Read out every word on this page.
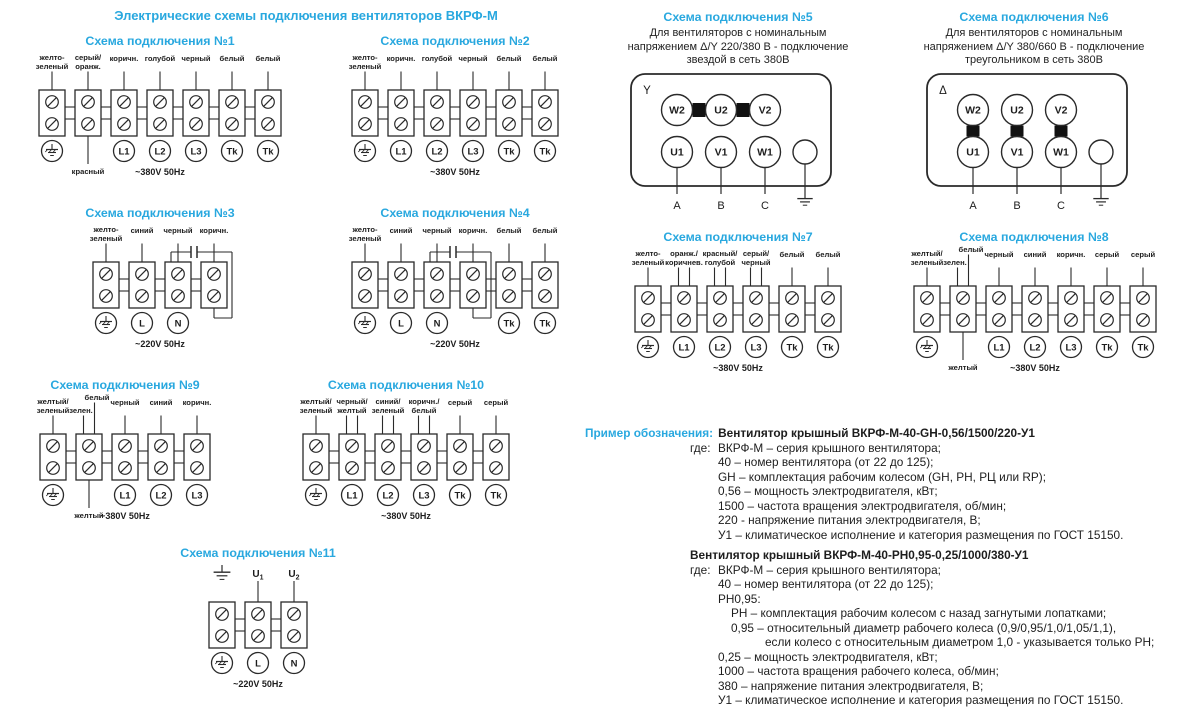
Электрические схемы подключения вентиляторов ВКРФ-М
Схема подключения №1
желто-
зеленый
серый/
оранж.
красный
коричн.
L1
голубой
L2
черный
L3
белый
Tk
белый
Tk
~380V 50Hz
Схема подключения №2
желто-
зеленый
коричн.
L1
голубой
L2
черный
L3
белый
Tk
белый
Tk
~380V 50Hz
Схема подключения №3
желто-
зеленый
синий
L
черный
N
коричн.
~220V 50Hz
Схема подключения №4
желто-
зеленый
синий
L
черный
N
коричн. белый
Tk
белый
Tk
~220V 50Hz
Схема подключения №5
Для вентиляторов с номинальным
напряжением Δ/Y 220/380 В - подключение
звездой в сеть 380В
Y
W2
U1
A
U2
V1
B
V2
W1
C
Схема подключения №6
Для вентиляторов с номинальным
напряжением Δ/Y 380/660 В - подключение
треугольником в сеть 380В
Δ
W2
U1
A
U2
V1
B
V2
W1
C
Схема подключения №7
желто-
зеленый
оранж./
коричнев.
L1
красный/
голубой
L2
серый/
черный
L3
белый
Tk
белый
Tk
~380V 50Hz
Схема подключения №8
желтый/
зеленый зелен.
белый
желтый
черный
L1
синий
L2
коричн.
L3
серый
Tk
серый
Tk
~380V 50Hz
Схема подключения №9
желтый/
зеленый зелен.
белый
желтый
черный
L1
синий
L2
коричн.
L3
~380V 50Hz
Схема подключения №10
желтый/
зеленый
черный/
желтый
L1
синий/
зеленый
L2
коричн./
белый
L3
серый
Tk
серый
Tk
~380V 50Hz
Схема подключения №11
$U_1$
L
$U_2$
N
~220V 50Hz
Пример обозначения: Вентилятор крышный ВКРФ-М-40-GH-0,56/1500/220-У1
где: ВКРФ-М – серия крышного вентилятора;
40 – номер вентилятора (от 22 до 125);
GH – комплектация рабочим колесом (GH, РН, РЦ или RP);
0,56 – мощность электродвигателя, кВт;
1500 – частота вращения электродвигателя, об/мин;
220 - напряжение питания электродвигателя, В;
У1 – климатическое исполнение и категория размещения по ГОСТ 15150.
Вентилятор крышный ВКРФ-М-40-РН0,95-0,25/1000/380-У1
где: ВКРФ-М – серия крышного вентилятора;
40 – номер вентилятора (от 22 до 125);
РН0,95:
РН – комплектация рабочим колесом с назад загнутыми лопатками;
0,95 – относительный диаметр рабочего колеса (0,9/0,95/1,0/1,05/1,1),
если колесо с относительным диаметром 1,0 - указывается только РН;
0,25 – мощность электродвигателя, кВт;
1000 – частота вращения рабочего колеса, об/мин;
380 – напряжение питания электродвигателя, В;
У1 – климатическое исполнение и категория размещения по ГОСТ 15150.
